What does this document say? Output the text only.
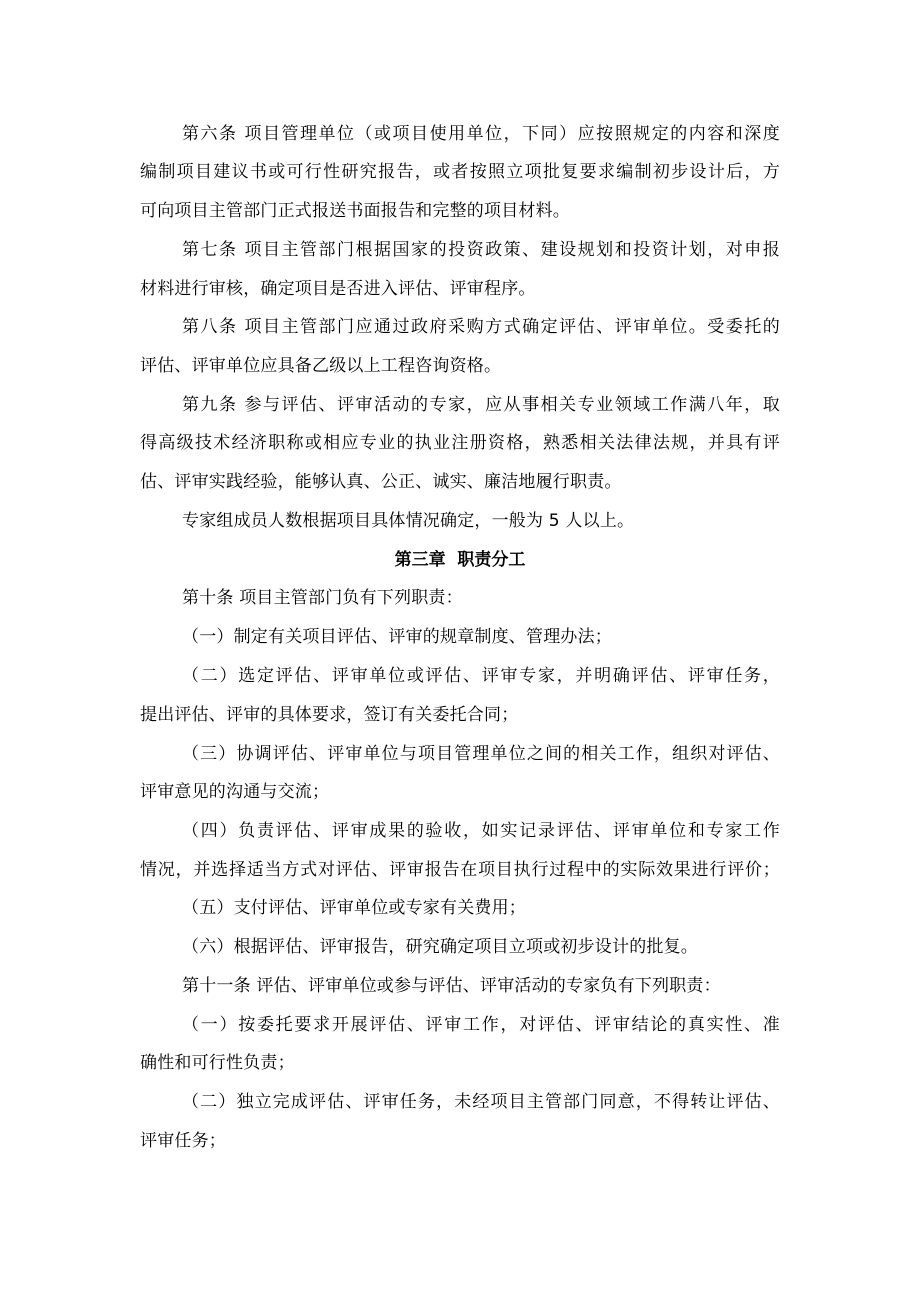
第六条 项目管理单位（或项目使用单位，下同）应按照规定的内容和深度
编制项目建议书或可行性研究报告，或者按照立项批复要求编制初步设计后，方
可向项目主管部门正式报送书面报告和完整的项目材料。
第七条 项目主管部门根据国家的投资政策、建设规划和投资计划，对申报
材料进行审核，确定项目是否进入评估、评审程序。
第八条 项目主管部门应通过政府采购方式确定评估、评审单位。受委托的
评估、评审单位应具备乙级以上工程咨询资格。
第九条 参与评估、评审活动的专家，应从事相关专业领域工作满八年，取
得高级技术经济职称或相应专业的执业注册资格，熟悉相关法律法规，并具有评
估、评审实践经验，能够认真、公正、诚实、廉洁地履行职责。
专家组成员人数根据项目具体情况确定，一般为 5 人以上。
第三章  职责分工
第十条 项目主管部门负有下列职责：
（一）制定有关项目评估、评审的规章制度、管理办法；
（二）选定评估、评审单位或评估、评审专家，并明确评估、评审任务，
提出评估、评审的具体要求，签订有关委托合同；
（三）协调评估、评审单位与项目管理单位之间的相关工作，组织对评估、
评审意见的沟通与交流；
（四）负责评估、评审成果的验收，如实记录评估、评审单位和专家工作
情况，并选择适当方式对评估、评审报告在项目执行过程中的实际效果进行评价；
（五）支付评估、评审单位或专家有关费用；
（六）根据评估、评审报告，研究确定项目立项或初步设计的批复。
第十一条 评估、评审单位或参与评估、评审活动的专家负有下列职责：
（一）按委托要求开展评估、评审工作，对评估、评审结论的真实性、准
确性和可行性负责；
（二）独立完成评估、评审任务，未经项目主管部门同意，不得转让评估、
评审任务；
